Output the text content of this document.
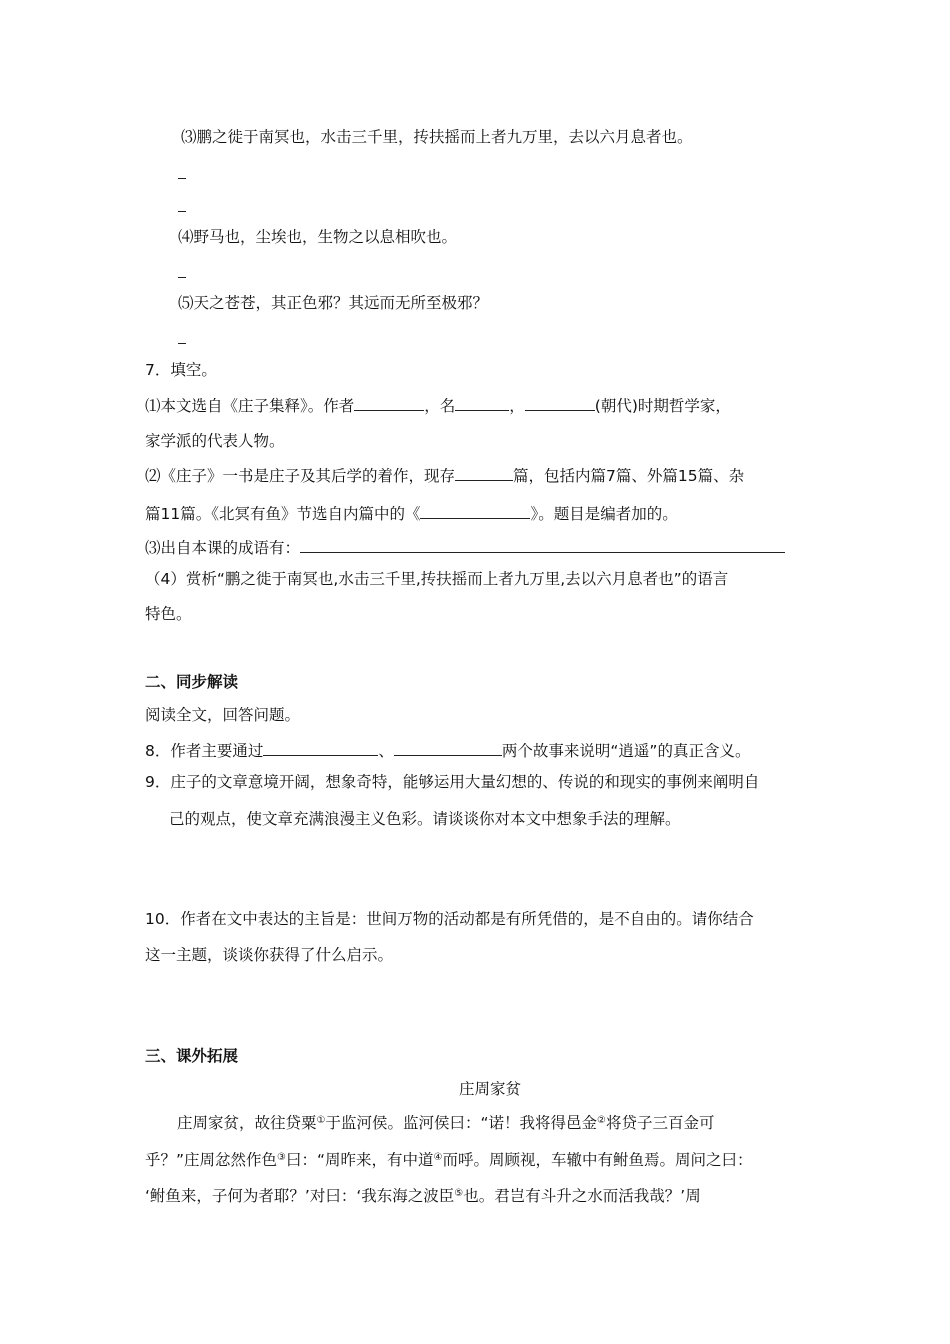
⑶鹏之徙于南冥也，水击三千里，抟扶摇而上者九万里，去以六月息者也。
⑷野马也，尘埃也，生物之以息相吹也。
⑸天之苍苍，其正色邪？其远而无所至极邪？
7．填空。
⑴本文选自《庄子集释》。作者	，名	，	(朝代)时期哲学家，
家学派的代表人物。
⑵《庄子》一书是庄子及其后学的着作，现存	篇，包括内篇7篇、外篇15篇、杂
篇11篇。《北冥有鱼》节选自内篇中的《	》。题目是编者加的。
⑶出自本课的成语有：
（4）赏析“鹏之徙于南冥也,水击三千里,抟扶摇而上者九万里,去以六月息者也”的语言
特色。
二、同步解读
阅读全文，回答问题。
8．作者主要通过	、	两个故事来说明“逍遥”的真正含义。
9．庄子的文章意境开阔，想象奇特，能够运用大量幻想的、传说的和现实的事例来阐明自
己的观点，使文章充满浪漫主义色彩。请谈谈你对本文中想象手法的理解。
10．作者在文中表达的主旨是：世间万物的活动都是有所凭借的，是不自由的。请你结合
这一主题，谈谈你获得了什么启示。
三、课外拓展
庄周家贫
庄周家贫，故往贷粟①于监河侯。监河侯曰：“诺！我将得邑金②将贷子三百金可
乎？”庄周忿然作色③曰：“周昨来，有中道④而呼。周顾视，车辙中有鲋鱼焉。周问之曰：
‘鲋鱼来，子何为者耶？’对曰：‘我东海之波臣⑤也。君岂有斗升之水而活我哉？’周
